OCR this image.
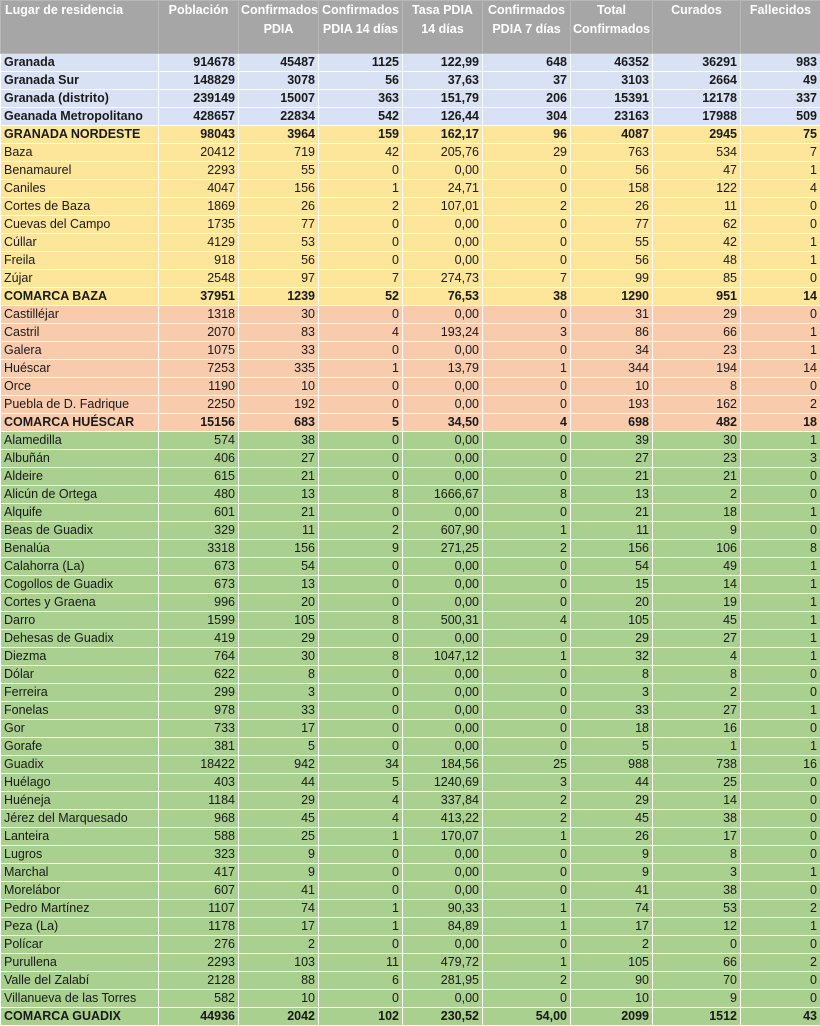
Lugar de residencia	Población	Confirmados PDIA	Confirmados PDIA 14 días	Tasa PDIA 14 días	Confirmados PDIA 7 días	Total Confirmados	Curados	Fallecidos
Granada	914678	45487	1125	122,99	648	46352	36291	983
Granada Sur	148829	3078	56	37,63	37	3103	2664	49
Granada (distrito)	239149	15007	363	151,79	206	15391	12178	337
Geanada Metropolitano	428657	22834	542	126,44	304	23163	17988	509
GRANADA NORDESTE	98043	3964	159	162,17	96	4087	2945	75
Baza	20412	719	42	205,76	29	763	534	7
Benamaurel	2293	55	0	0,00	0	56	47	1
Caniles	4047	156	1	24,71	0	158	122	4
Cortes de Baza	1869	26	2	107,01	2	26	11	0
Cuevas del Campo	1735	77	0	0,00	0	77	62	0
Cúllar	4129	53	0	0,00	0	55	42	1
Freila	918	56	0	0,00	0	56	48	1
Zújar	2548	97	7	274,73	7	99	85	0
COMARCA BAZA	37951	1239	52	76,53	38	1290	951	14
Castilléjar	1318	30	0	0,00	0	31	29	0
Castril	2070	83	4	193,24	3	86	66	1
Galera	1075	33	0	0,00	0	34	23	1
Huéscar	7253	335	1	13,79	1	344	194	14
Orce	1190	10	0	0,00	0	10	8	0
Puebla de D. Fadrique	2250	192	0	0,00	0	193	162	2
COMARCA HUÉSCAR	15156	683	5	34,50	4	698	482	18
Alamedilla	574	38	0	0,00	0	39	30	1
Albuñán	406	27	0	0,00	0	27	23	3
Aldeire	615	21	0	0,00	0	21	21	0
Alicún de Ortega	480	13	8	1666,67	8	13	2	0
Alquife	601	21	0	0,00	0	21	18	1
Beas de Guadix	329	11	2	607,90	1	11	9	0
Benalúa	3318	156	9	271,25	2	156	106	8
Calahorra (La)	673	54	0	0,00	0	54	49	1
Cogollos de Guadix	673	13	0	0,00	0	15	14	1
Cortes y Graena	996	20	0	0,00	0	20	19	1
Darro	1599	105	8	500,31	4	105	45	1
Dehesas de Guadix	419	29	0	0,00	0	29	27	1
Diezma	764	30	8	1047,12	1	32	4	1
Dólar	622	8	0	0,00	0	8	8	0
Ferreira	299	3	0	0,00	0	3	2	0
Fonelas	978	33	0	0,00	0	33	27	1
Gor	733	17	0	0,00	0	18	16	0
Gorafe	381	5	0	0,00	0	5	1	1
Guadix	18422	942	34	184,56	25	988	738	16
Huélago	403	44	5	1240,69	3	44	25	0
Huéneja	1184	29	4	337,84	2	29	14	0
Jérez del Marquesado	968	45	4	413,22	2	45	38	0
Lanteira	588	25	1	170,07	1	26	17	0
Lugros	323	9	0	0,00	0	9	8	0
Marchal	417	9	0	0,00	0	9	3	1
Morelábor	607	41	0	0,00	0	41	38	0
Pedro Martínez	1107	74	1	90,33	1	74	53	2
Peza (La)	1178	17	1	84,89	1	17	12	1
Polícar	276	2	0	0,00	0	2	0	0
Purullena	2293	103	11	479,72	1	105	66	2
Valle del Zalabí	2128	88	6	281,95	2	90	70	0
Villanueva de las Torres	582	10	0	0,00	0	10	9	0
COMARCA GUADIX	44936	2042	102	230,52	54,00	2099	1512	43
